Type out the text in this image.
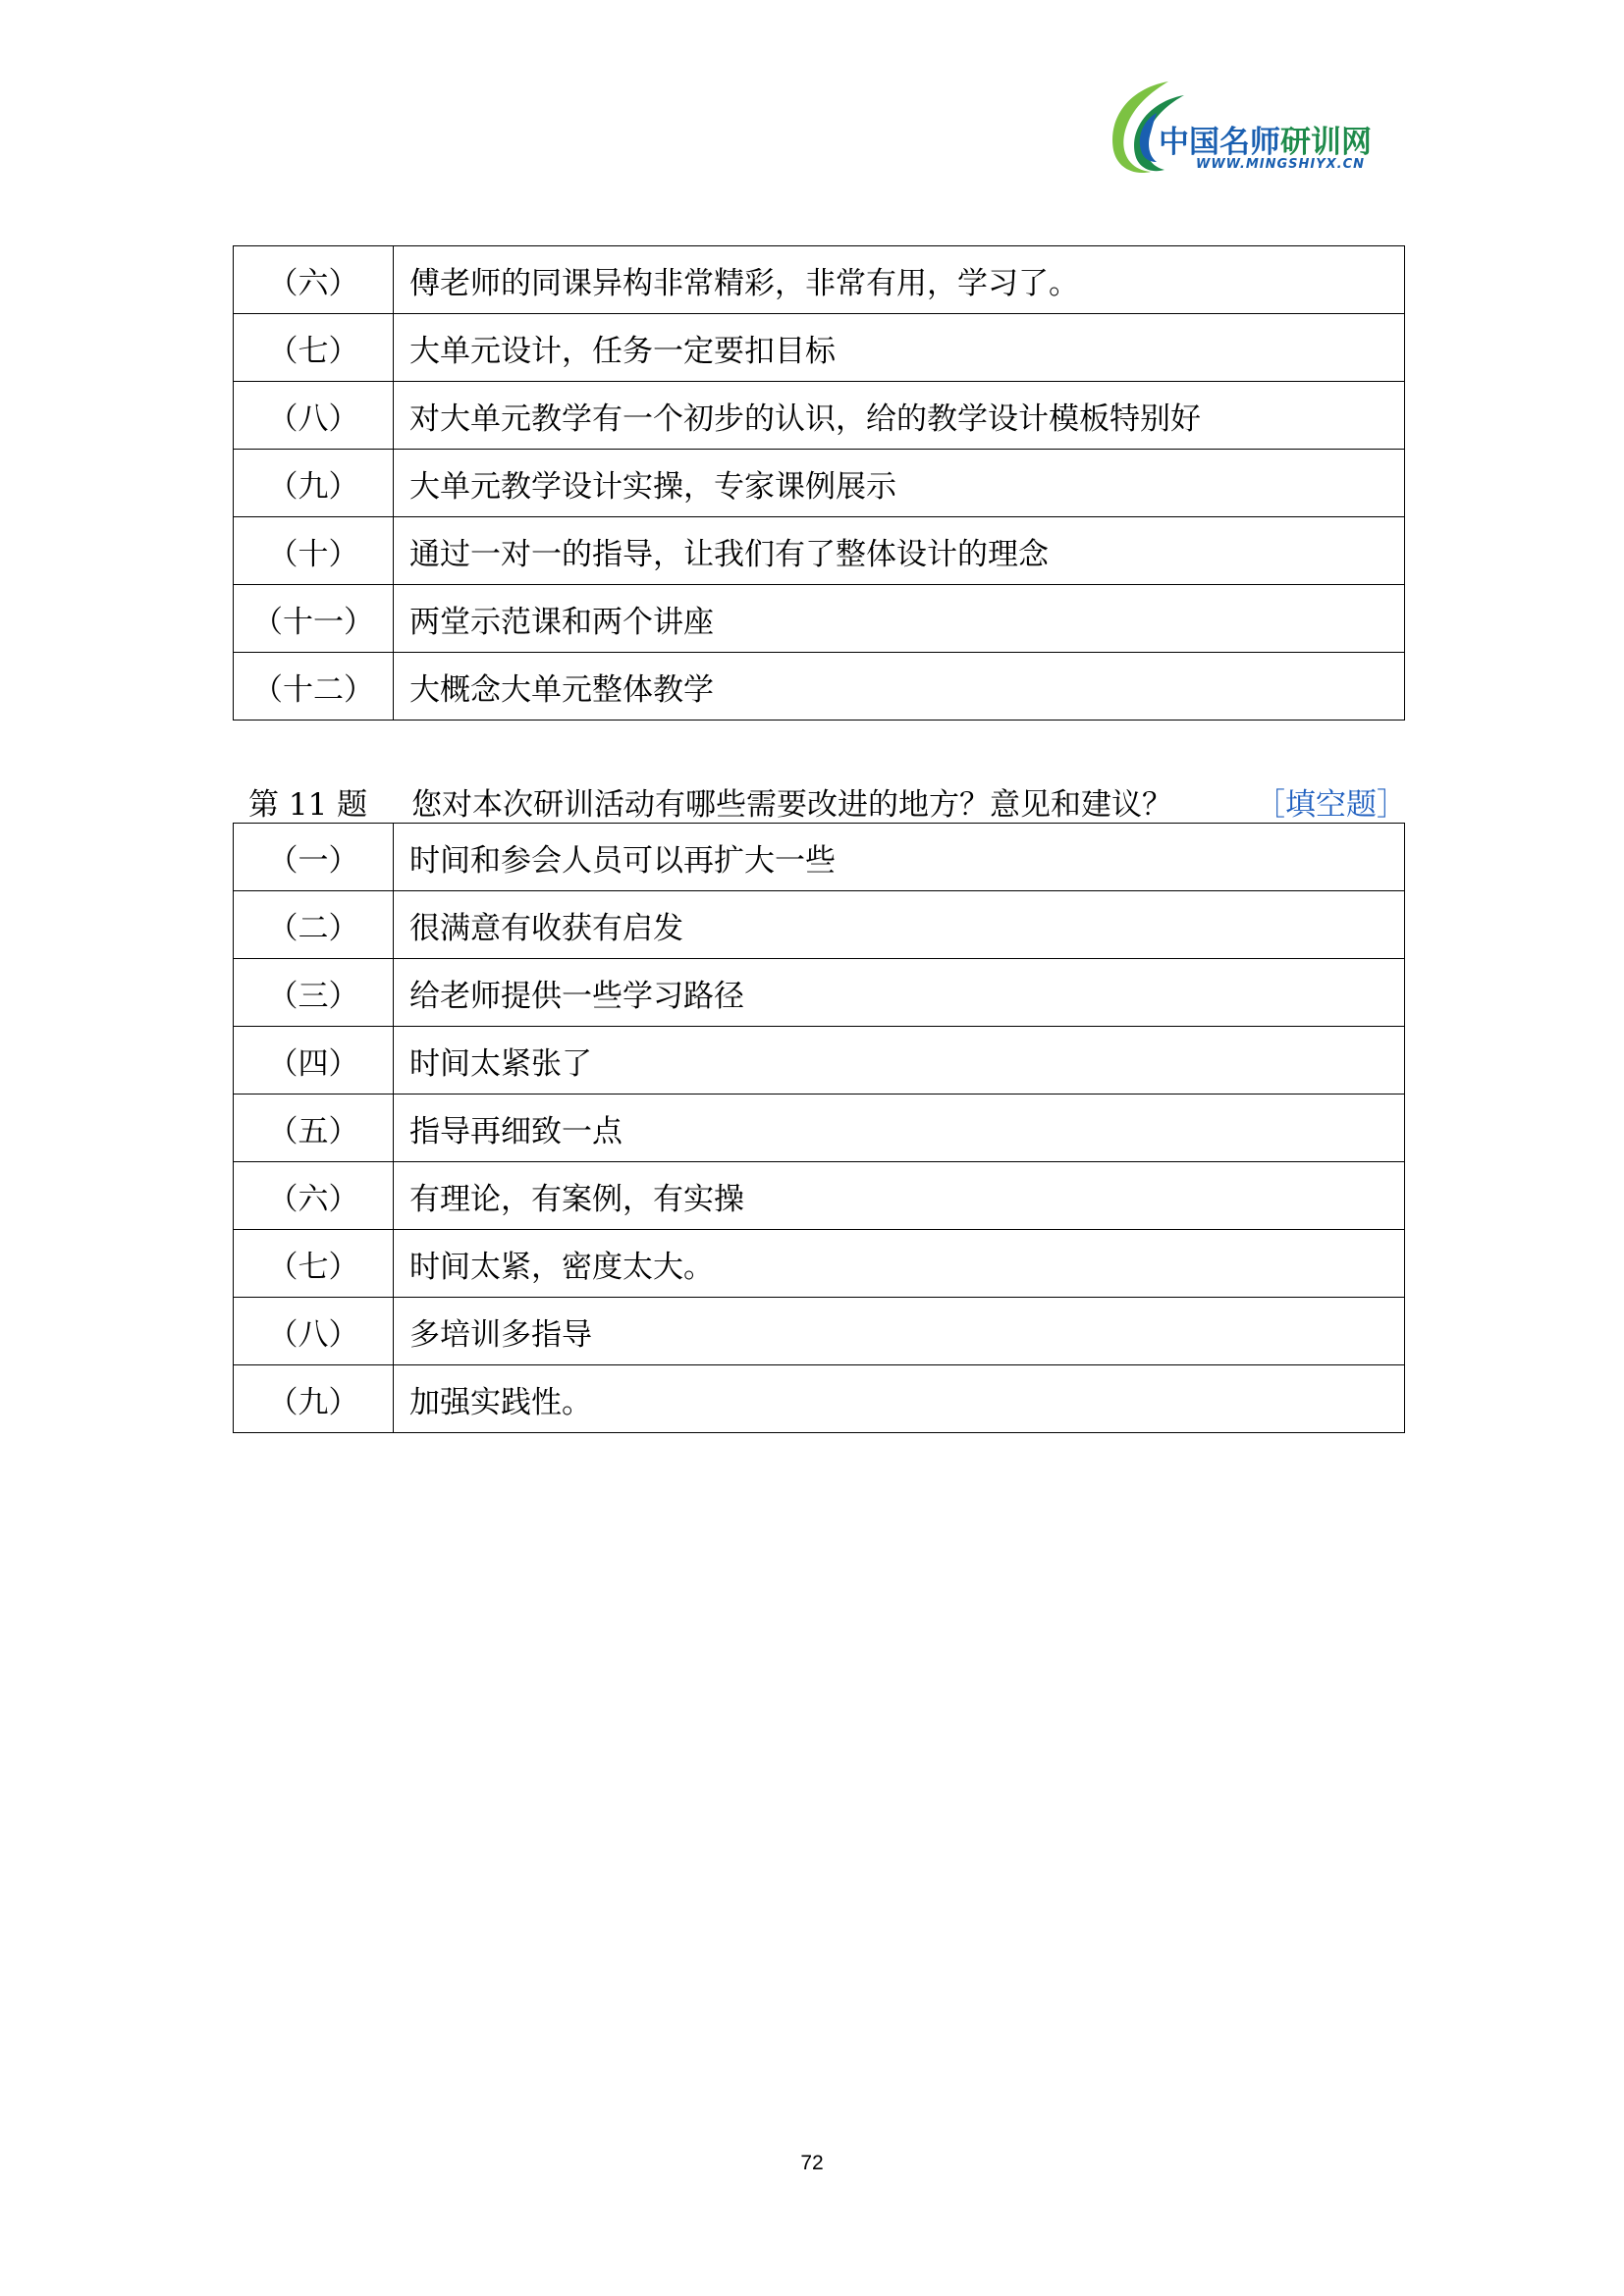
中国名师研训网
WWW.MINGSHIYX.CN
（六）	傅老师的同课异构非常精彩，非常有用，学习了。
（七）	大单元设计，任务一定要扣目标
（八）	对大单元教学有一个初步的认识，给的教学设计模板特别好
（九）	大单元教学设计实操，专家课例展示
（十）	通过一对一的指导，让我们有了整体设计的理念
（十一）	两堂示范课和两个讲座
（十二）	大概念大单元整体教学
第 11 题	您对本次研训活动有哪些需要改进的地方？意见和建议？	［填空题］
（一）	时间和参会人员可以再扩大一些
（二）	很满意有收获有启发
（三）	给老师提供一些学习路径
（四）	时间太紧张了
（五）	指导再细致一点
（六）	有理论，有案例，有实操
（七）	时间太紧，密度太大。
（八）	多培训多指导
（九）	加强实践性。
72
